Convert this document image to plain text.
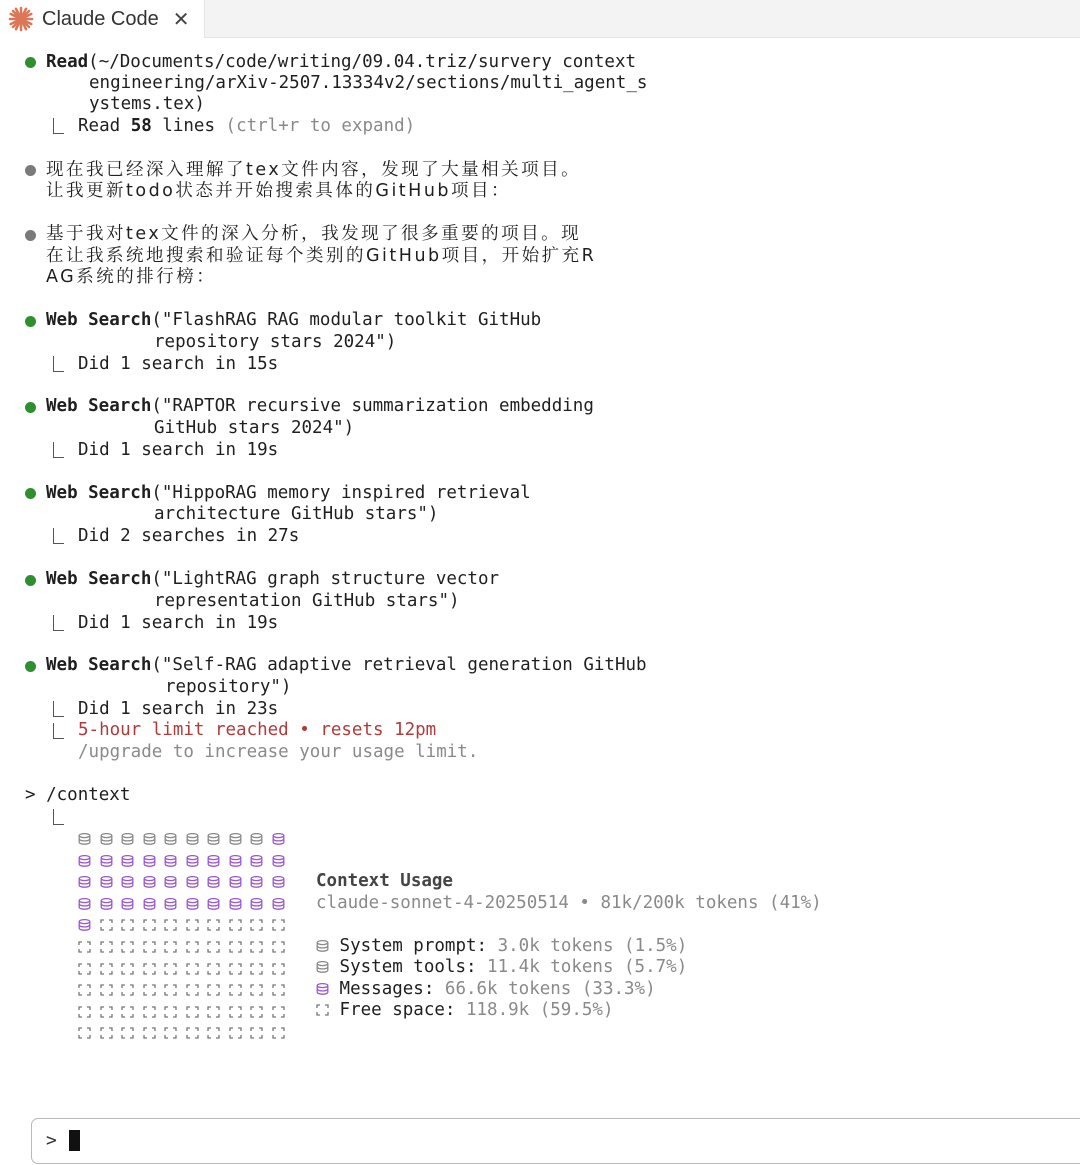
Claude Code ✕
Read(~/Documents/code/writing/09.04.triz/survery context
engineering/arXiv-2507.13334v2/sections/multi_agent_s
ystems.tex)
Read 58 lines (ctrl+r to expand)
现在我已经深入理解了tex文件内容，发现了大量相关项目。
让我更新todo状态并开始搜索具体的GitHub项目：
基于我对tex文件的深入分析，我发现了很多重要的项目。现
在让我系统地搜索和验证每个类别的GitHub项目，开始扩充R
AG系统的排行榜：
Web Search("FlashRAG RAG modular toolkit GitHub
repository stars 2024")
Did 1 search in 15s
Web Search("RAPTOR recursive summarization embedding
GitHub stars 2024")
Did 1 search in 19s
Web Search("HippoRAG memory inspired retrieval
architecture GitHub stars")
Did 2 searches in 27s
Web Search("LightRAG graph structure vector
representation GitHub stars")
Did 1 search in 19s
Web Search("Self-RAG adaptive retrieval generation GitHub
repository")
Did 1 search in 23s
5-hour limit reached • resets 12pm
/upgrade to increase your usage limit.
> /context
Context Usage
claude-sonnet-4-20250514 • 81k/200k tokens (41%)
System prompt: 3.0k tokens (1.5%)
System tools: 11.4k tokens (5.7%)
Messages: 66.6k tokens (33.3%)
Free space: 118.9k (59.5%)
>
